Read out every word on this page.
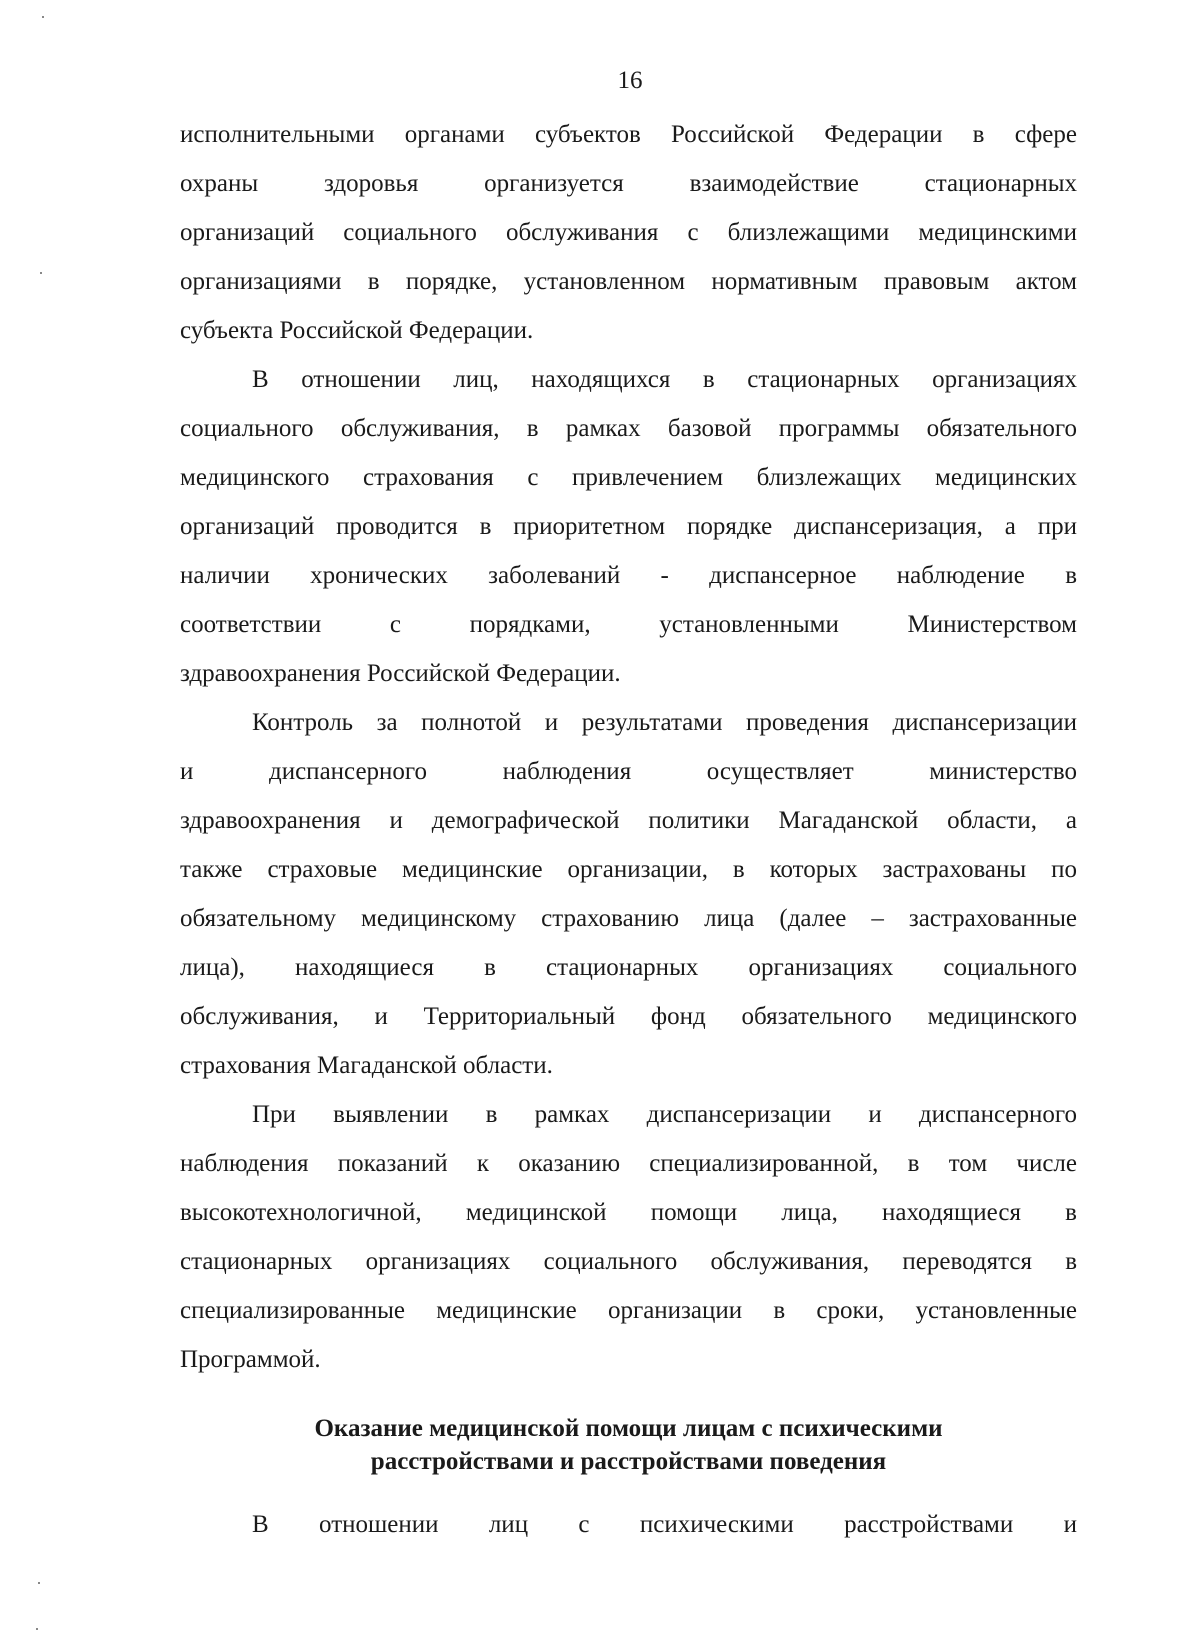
16
исполнительными органами субъектов Российской Федерации в сфере
охраны здоровья организуется взаимодействие стационарных
организаций социального обслуживания с близлежащими медицинскими
организациями в порядке, установленном нормативным правовым актом
субъекта Российской Федерации.
В отношении лиц, находящихся в стационарных организациях
социального обслуживания, в рамках базовой программы обязательного
медицинского страхования с привлечением близлежащих медицинских
организаций проводится в приоритетном порядке диспансеризация, а при
наличии хронических заболеваний - диспансерное наблюдение в
соответствии с порядками, установленными Министерством
здравоохранения Российской Федерации.
Контроль за полнотой и результатами проведения диспансеризации
и диспансерного наблюдения осуществляет министерство
здравоохранения и демографической политики Магаданской области, а
также страховые медицинские организации, в которых застрахованы по
обязательному медицинскому страхованию лица (далее – застрахованные
лица), находящиеся в стационарных организациях социального
обслуживания, и Территориальный фонд обязательного медицинского
страхования Магаданской области.
При выявлении в рамках диспансеризации и диспансерного
наблюдения показаний к оказанию специализированной, в том числе
высокотехнологичной, медицинской помощи лица, находящиеся в
стационарных организациях социального обслуживания, переводятся в
специализированные медицинские организации в сроки, установленные
Программой.
Оказание медицинской помощи лицам с психическими
расстройствами и расстройствами поведения
В отношении лиц с психическими расстройствами и
